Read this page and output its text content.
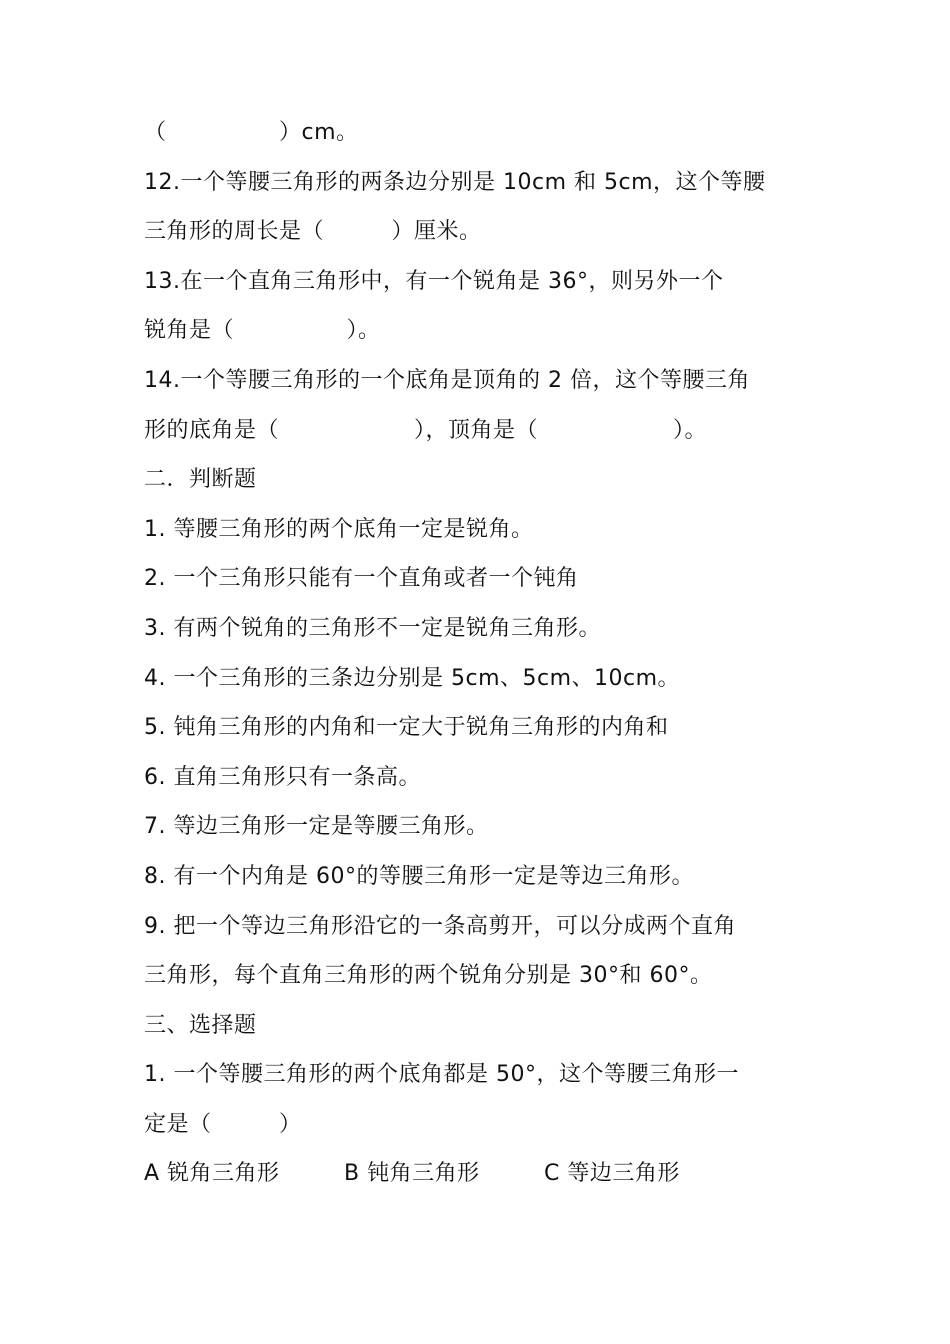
（　　　　　）cm。
12.一个等腰三角形的两条边分别是 10cm 和 5cm，这个等腰
三角形的周长是（　　　）厘米。
13.在一个直角三角形中，有一个锐角是 36°，则另外一个
锐角是（　　　　　）。
14.一个等腰三角形的一个底角是顶角的 2 倍，这个等腰三角
形的底角是（　　　　　　），顶角是（　　　　　　）。
二．判断题
1. 等腰三角形的两个底角一定是锐角。
2. 一个三角形只能有一个直角或者一个钝角
3. 有两个锐角的三角形不一定是锐角三角形。
4. 一个三角形的三条边分别是 5cm、5cm、10cm。
5. 钝角三角形的内角和一定大于锐角三角形的内角和
6. 直角三角形只有一条高。
7. 等边三角形一定是等腰三角形。
8. 有一个内角是 60°的等腰三角形一定是等边三角形。
9. 把一个等边三角形沿它的一条高剪开，可以分成两个直角
三角形，每个直角三角形的两个锐角分别是 30°和 60°。
三、选择题
1. 一个等腰三角形的两个底角都是 50°，这个等腰三角形一
定是（　　　）
A 锐角三角形	B 钝角三角形	C 等边三角形
